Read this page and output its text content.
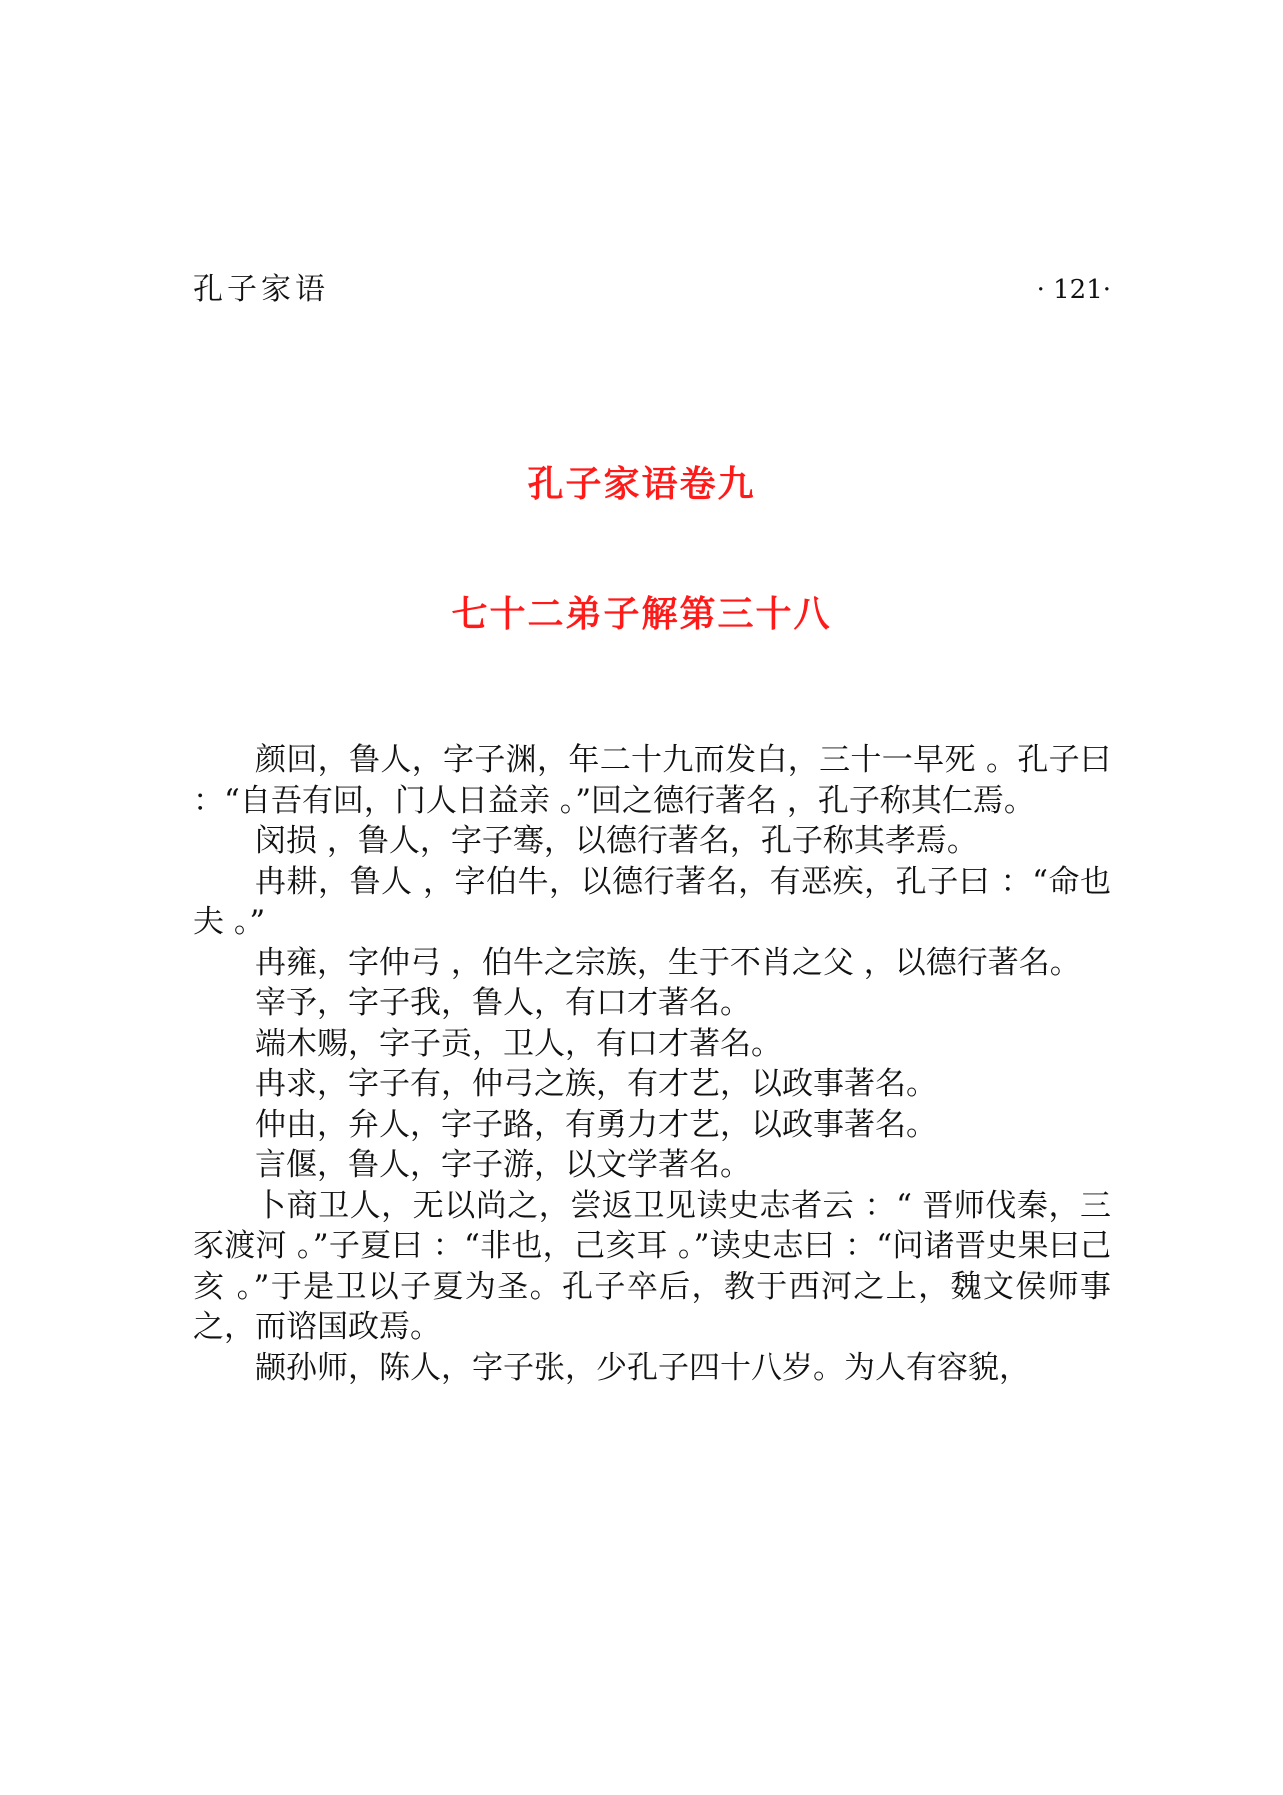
孔子家语	· 121·
孔子家语卷九
七十二弟子解第三十八

颜回，鲁人，字子渊，年二十九而发白，三十一早死 。孔子曰 ：“自吾有回，门人日益亲 。”回之德行著名 ，孔子称其仁焉。

闵损 ，鲁人，字子骞，以德行著名，孔子称其孝焉。

冉耕，鲁人 ，字伯牛，以德行著名，有恶疾，孔子曰 ：“命也夫 。”

冉雍，字仲弓 ，伯牛之宗族，生于不肖之父 ，以德行著名。

宰予，字子我，鲁人，有口才著名。

端木赐，字子贡，卫人，有口才著名。

冉求，字子有，仲弓之族，有才艺，以政事著名。

仲由，弁人，字子路，有勇力才艺，以政事著名。

言偃，鲁人，字子游，以文学著名。

卜商卫人，无以尚之，尝返卫见读史志者云 ：“ 晋师伐秦，三豕渡河 。”子夏曰 ：“非也，己亥耳 。”读史志曰 ：“问诸晋史果曰己亥 。”于是卫以子夏为圣。孔子卒后，教于西河之上，魏文侯师事之，而谘国政焉。

颛孙师，陈人，字子张，少孔子四十八岁。为人有容貌，
